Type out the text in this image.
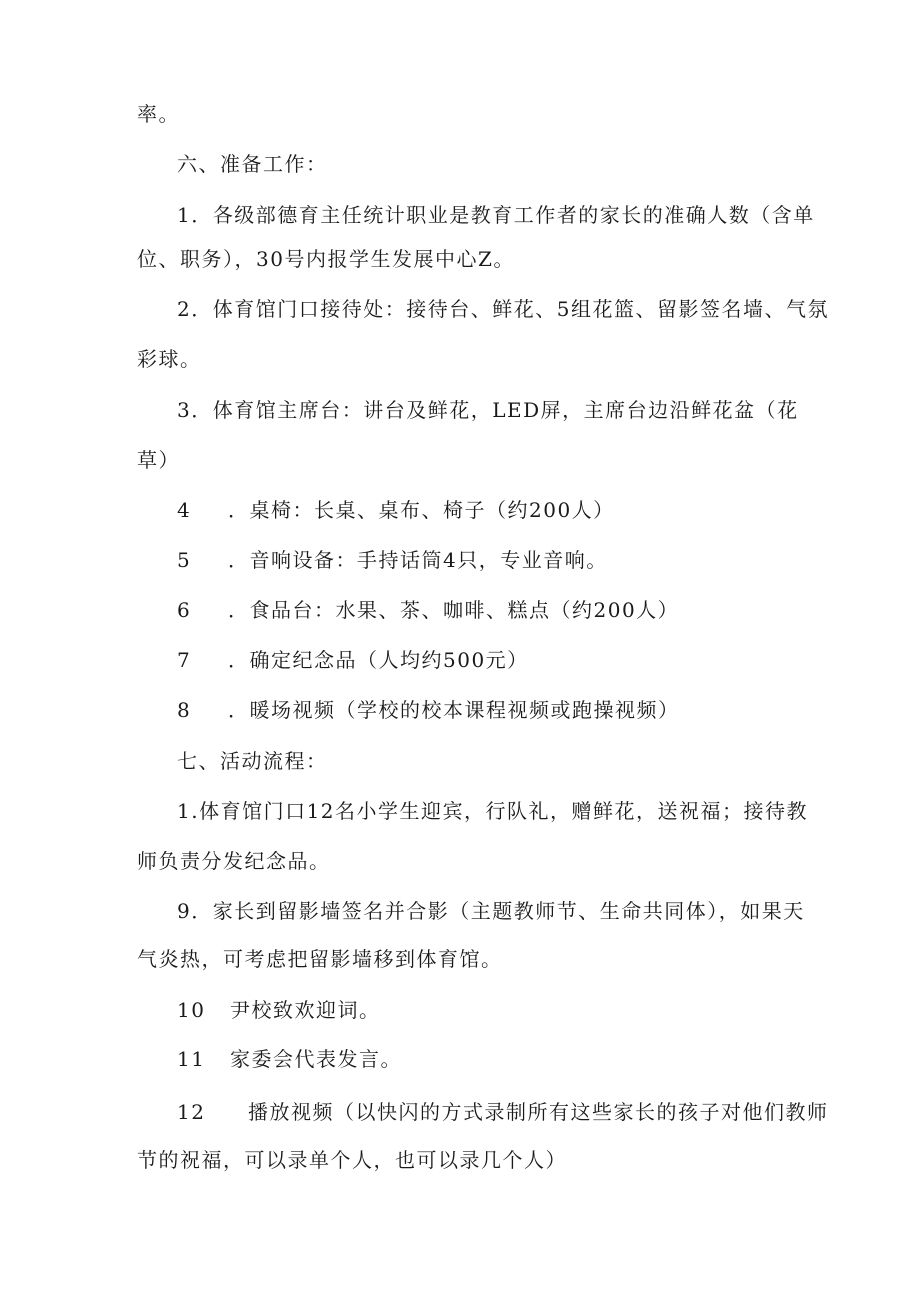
率。
六、准备工作：
1．各级部德育主任统计职业是教育工作者的家长的准确人数（含单
位、职务），30号内报学生发展中心Z。
2．体育馆门口接待处：接待台、鲜花、5组花篮、留影签名墙、气氛
彩球。
3．体育馆主席台：讲台及鲜花，LED屏，主席台边沿鲜花盆（花
草）
4 ．桌椅：长桌、桌布、椅子（约200人）
5 ．音响设备：手持话筒4只，专业音响。
6 ．食品台：水果、茶、咖啡、糕点（约200人）
7 ．确定纪念品（人均约500元）
8 ．暖场视频（学校的校本课程视频或跑操视频）
七、活动流程：
1.体育馆门口12名小学生迎宾，行队礼，赠鲜花，送祝福；接待教
师负责分发纪念品。
9．家长到留影墙签名并合影（主题教师节、生命共同体），如果天
气炎热，可考虑把留影墙移到体育馆。
10 尹校致欢迎词。
11 家委会代表发言。
12 播放视频（以快闪的方式录制所有这些家长的孩子对他们教师
节的祝福，可以录单个人，也可以录几个人）
